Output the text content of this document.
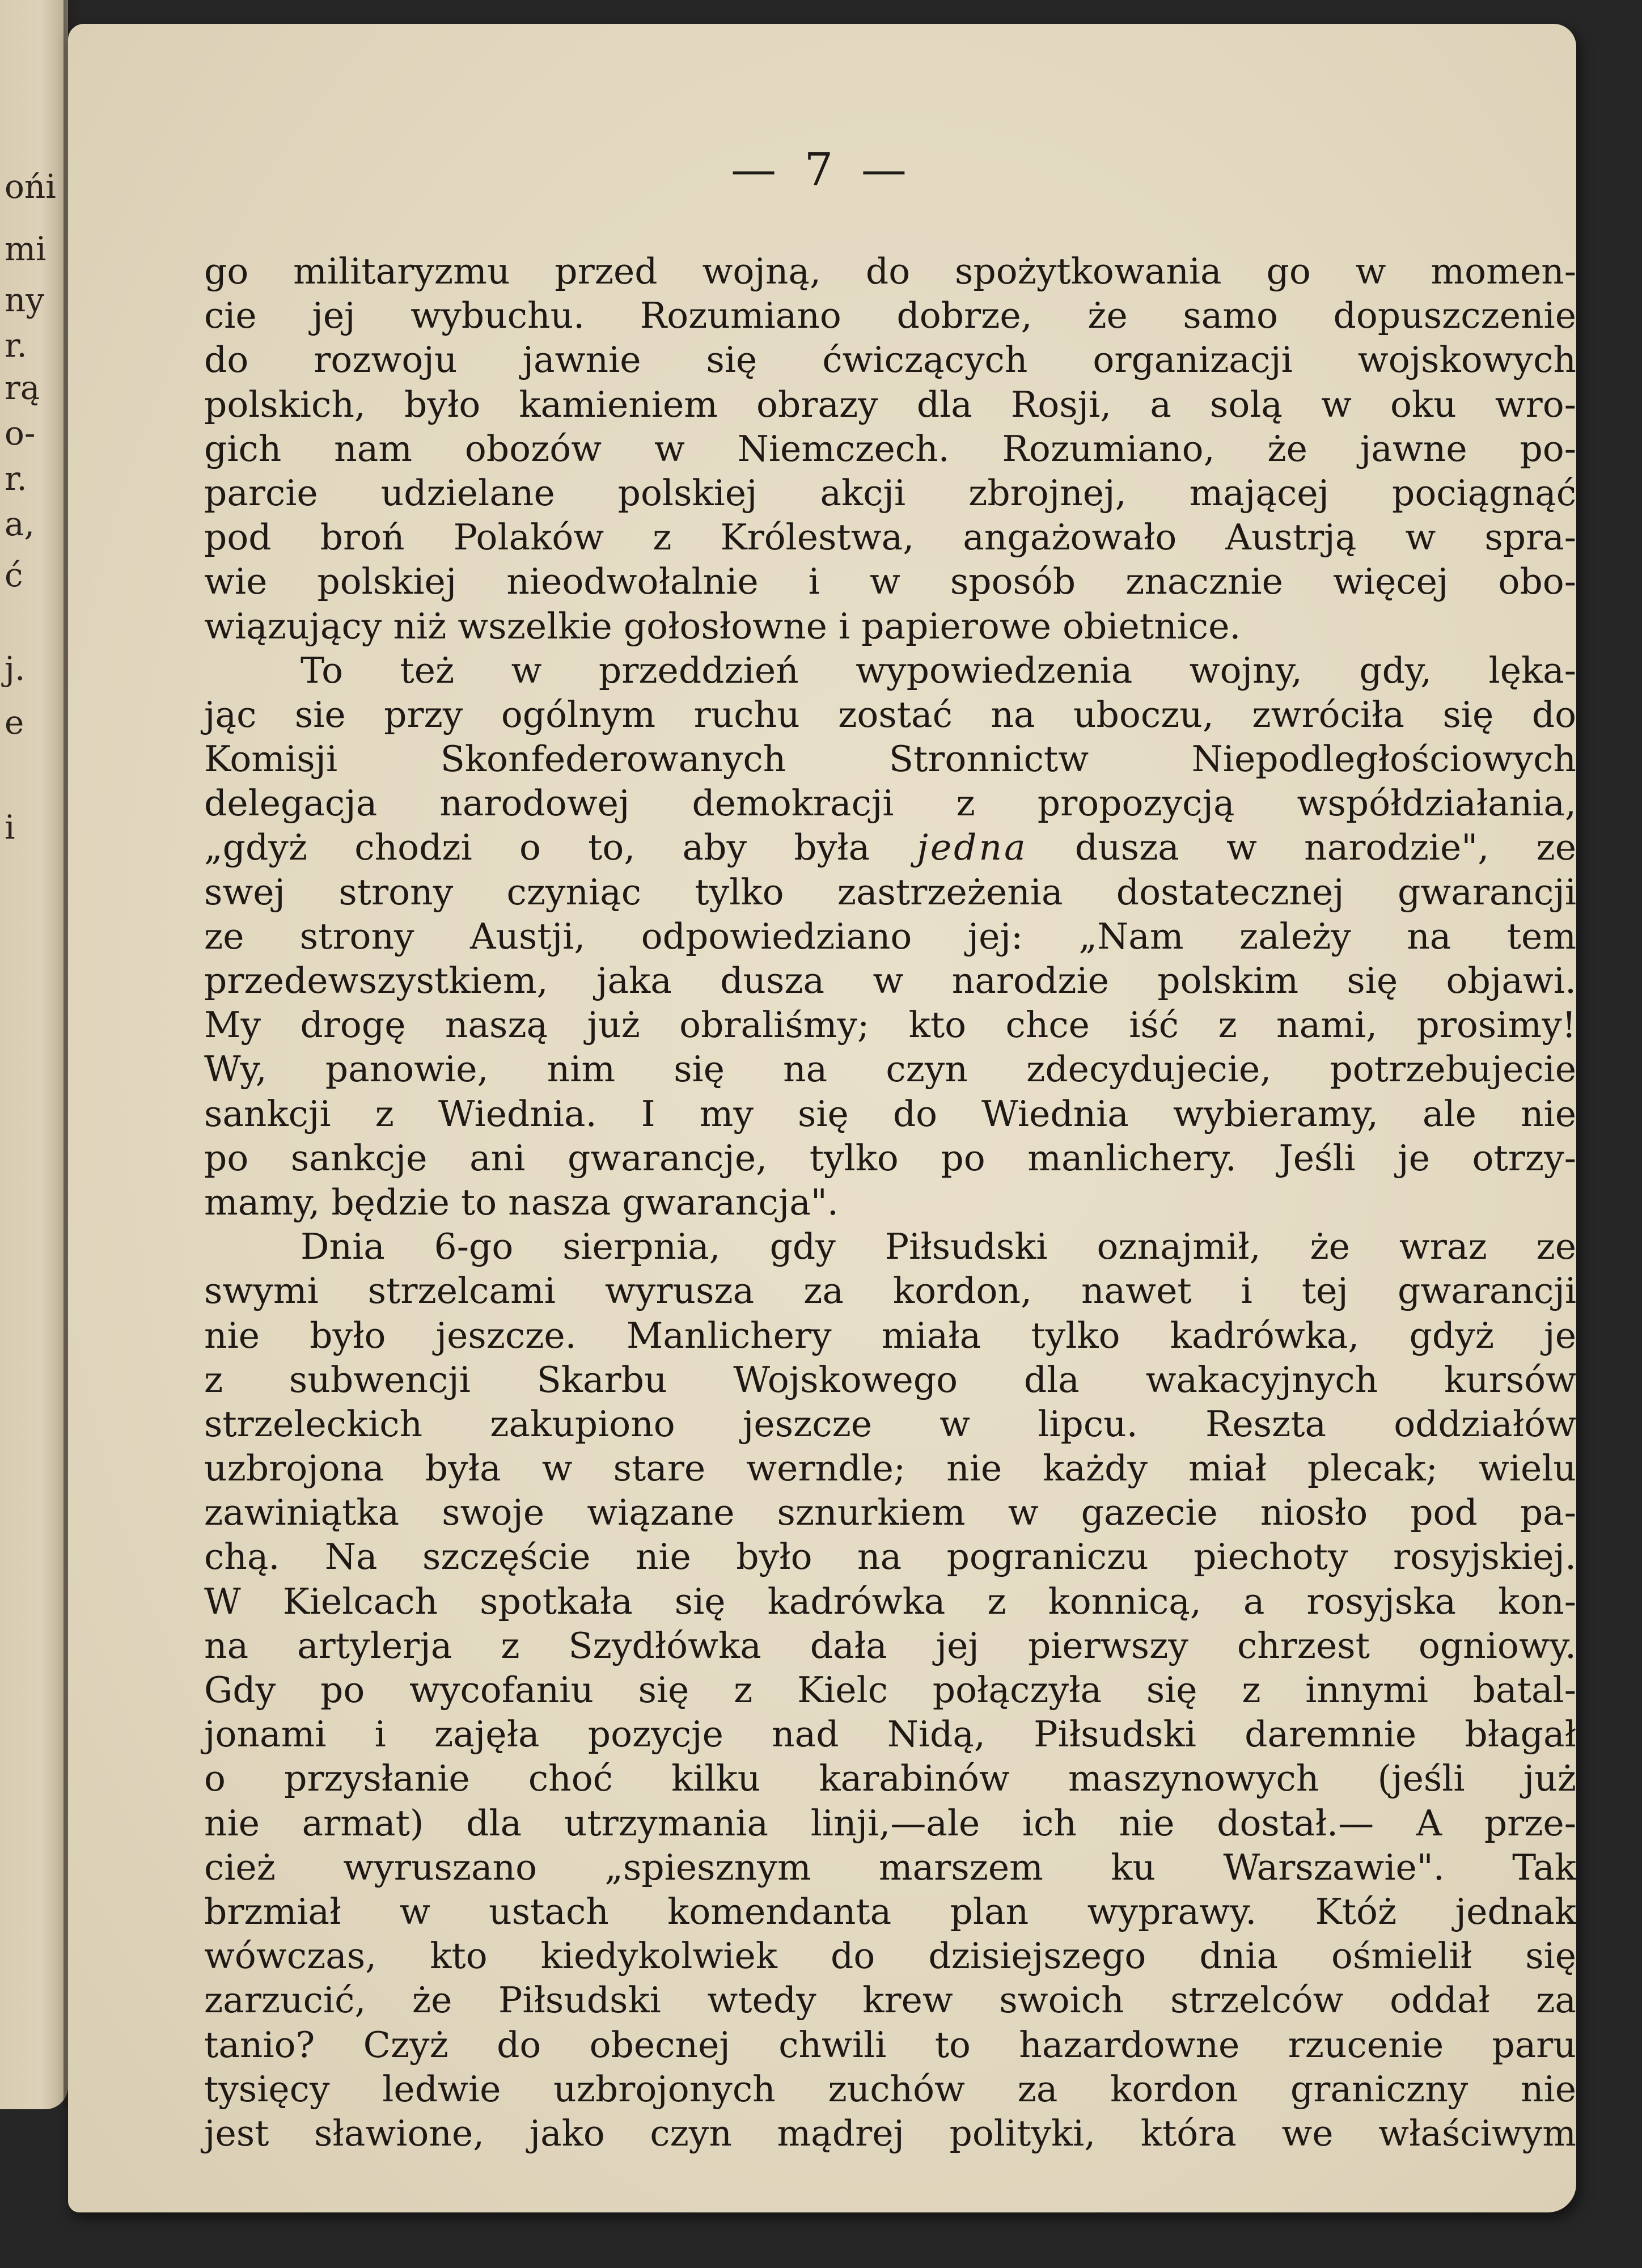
ońi
mi
ny
r.
rą
o-
r.
a,
ć
j.
e
i
— 7 —
go militaryzmu przed wojną, do spożytkowania go w momen-
cie jej wybuchu. Rozumiano dobrze, że samo dopuszczenie
do rozwoju jawnie się ćwiczących organizacji wojskowych
polskich, było kamieniem obrazy dla Rosji, a solą w oku wro-
gich nam obozów w Niemczech. Rozumiano, że jawne po-
parcie udzielane polskiej akcji zbrojnej, mającej pociągnąć
pod broń Polaków z Królestwa, angażowało Austrją w spra-
wie polskiej nieodwołalnie i w sposób znacznie więcej obo-
wiązujący niż wszelkie gołosłowne i papierowe obietnice.
To też w przeddzień wypowiedzenia wojny, gdy, lęka-
jąc sie przy ogólnym ruchu zostać na uboczu, zwróciła się do
Komisji Skonfederowanych Stronnictw Niepodległościowych
delegacja narodowej demokracji z propozycją współdziałania,
„gdyż chodzi o to, aby była jedna dusza w narodzie", ze
swej strony czyniąc tylko zastrzeżenia dostatecznej gwarancji
ze strony Austji, odpowiedziano jej: „Nam zależy na tem
przedewszystkiem, jaka dusza w narodzie polskim się objawi.
My drogę naszą już obraliśmy; kto chce iść z nami, prosimy!
Wy, panowie, nim się na czyn zdecydujecie, potrzebujecie
sankcji z Wiednia. I my się do Wiednia wybieramy, ale nie
po sankcje ani gwarancje, tylko po manlichery. Jeśli je otrzy-
mamy, będzie to nasza gwarancja".
Dnia 6-go sierpnia, gdy Piłsudski oznajmił, że wraz ze
swymi strzelcami wyrusza za kordon, nawet i tej gwarancji
nie było jeszcze. Manlichery miała tylko kadrówka, gdyż je
z subwencji Skarbu Wojskowego dla wakacyjnych kursów
strzeleckich zakupiono jeszcze w lipcu. Reszta oddziałów
uzbrojona była w stare werndle; nie każdy miał plecak; wielu
zawiniątka swoje wiązane sznurkiem w gazecie niosło pod pa-
chą. Na szczęście nie było na pograniczu piechoty rosyjskiej.
W Kielcach spotkała się kadrówka z konnicą, a rosyjska kon-
na artylerja z Szydłówka dała jej pierwszy chrzest ogniowy.
Gdy po wycofaniu się z Kielc połączyła się z innymi batal-
jonami i zajęła pozycje nad Nidą, Piłsudski daremnie błagał
o przysłanie choć kilku karabinów maszynowych (jeśli już
nie armat) dla utrzymania linji,—ale ich nie dostał.— A prze-
cież wyruszano „spiesznym marszem ku Warszawie". Tak
brzmiał w ustach komendanta plan wyprawy. Któż jednak
wówczas, kto kiedykolwiek do dzisiejszego dnia ośmielił się
zarzucić, że Piłsudski wtedy krew swoich strzelców oddał za
tanio? Czyż do obecnej chwili to hazardowne rzucenie paru
tysięcy ledwie uzbrojonych zuchów za kordon graniczny nie
jest sławione, jako czyn mądrej polityki, która we właściwym
